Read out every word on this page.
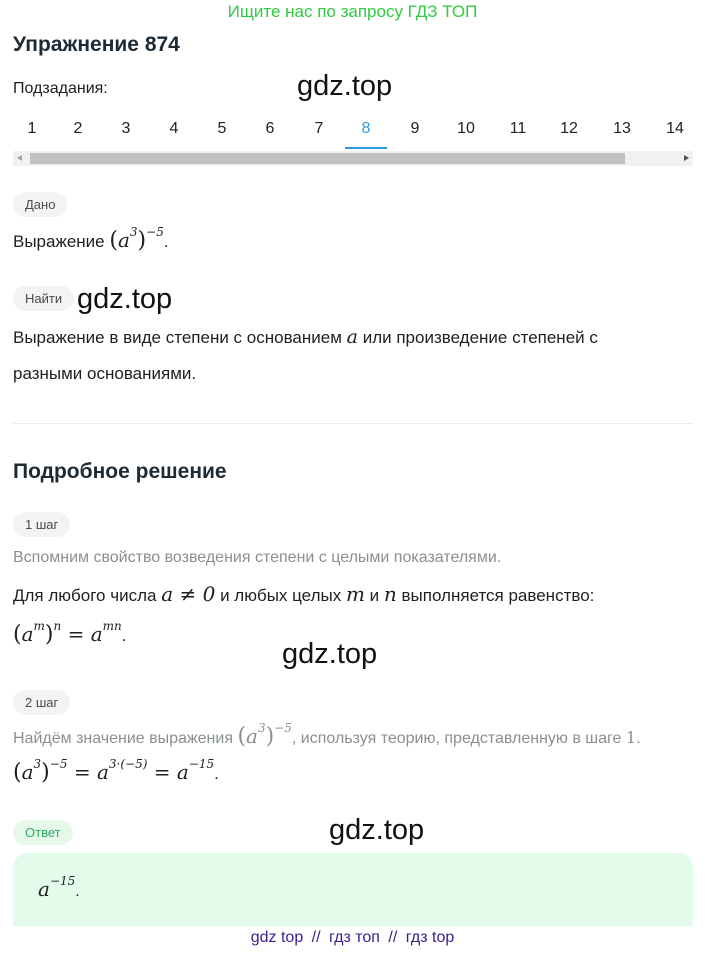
Ищите нас по запросу ГДЗ ТОП
Упражнение 874
Подзадания:	gdz.top
gdz.top
gdz.top
gdz.top
1	2	3	4	5	6	7	8	9	10	11	12	13	14
Дано
Выражение $(a^3)^{-5}$.
Найти
Выражение в виде степени с основанием a или произведение степеней с
разными основаниями.
Подробное решение
1 шаг
Вспомним свойство возведения степени с целыми показателями.
Для любого числа a ≠ 0 и любых целых m и n выполняется равенство:
$(a^m)^n = a^{mn}$.
2 шаг
Найдём значение выражения $(a^3)^{-5}$, используя теорию, представленную в шаге 1.
$(a^3)^{-5} = a^{3\cdot(-5)} = a^{-15}$.
Ответ
$a^{-15}$.
gdz top // гдз топ // гдз top
